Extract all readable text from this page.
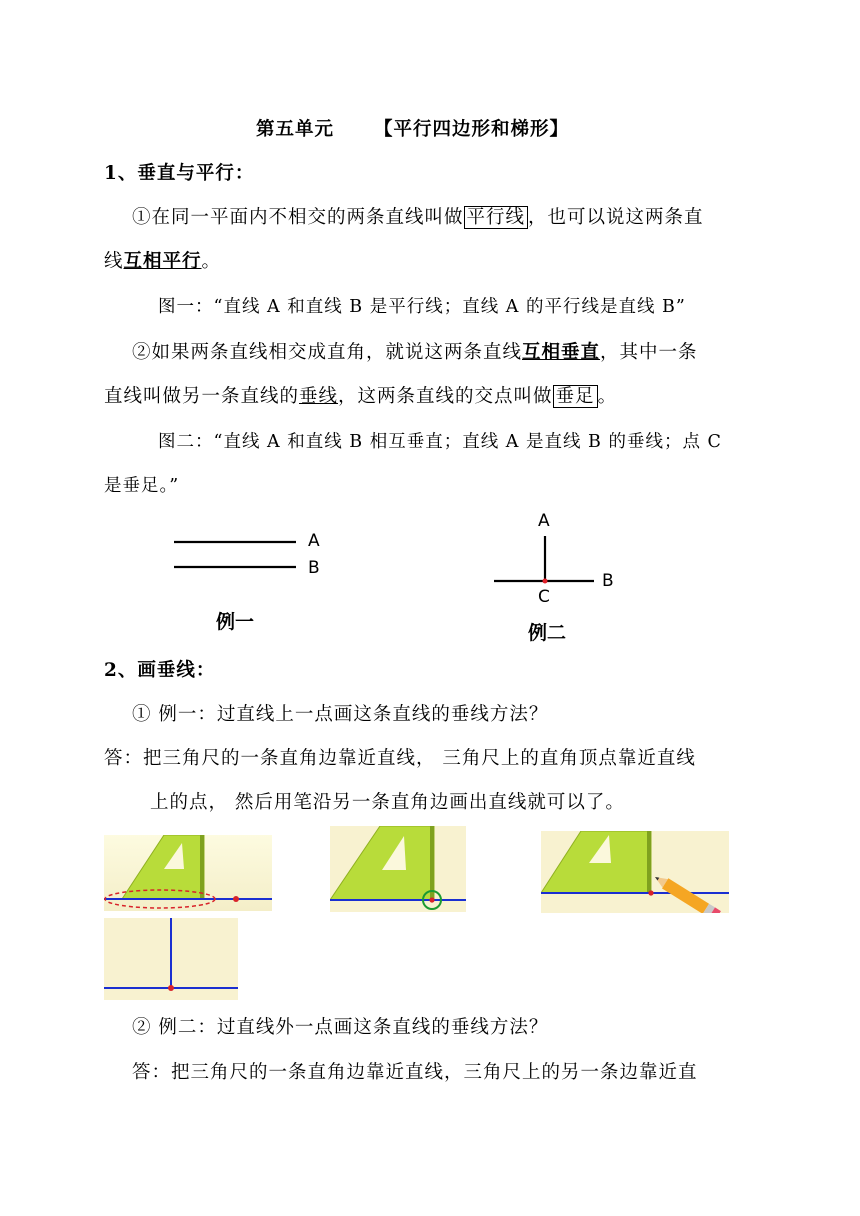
第五单元 【平行四边形和梯形】
1、垂直与平行：
①在同一平面内不相交的两条直线叫做 平行线 ，也可以说这两条直
线互相平行。
图一：“直线 A 和直线 B 是平行线；直线 A 的平行线是直线 B”
②如果两条直线相交成直角，就说这两条直线互相垂直，其中一条
直线叫做另一条直线的垂线，这两条直线的交点叫做 垂足 。
图二：“直线 A 和直线 B 相互垂直；直线 A 是直线 B 的垂线；点 C
是垂足。”
A
B
例一
A
B
C
例二
2、画垂线：
① 例一：过直线上一点画这条直线的垂线方法？
答：把三角尺的一条直角边靠近直线， 三角尺上的直角顶点靠近直线
上的点， 然后用笔沿另一条直角边画出直线就可以了。
② 例二：过直线外一点画这条直线的垂线方法？
答：把三角尺的一条直角边靠近直线，三角尺上的另一条边靠近直
